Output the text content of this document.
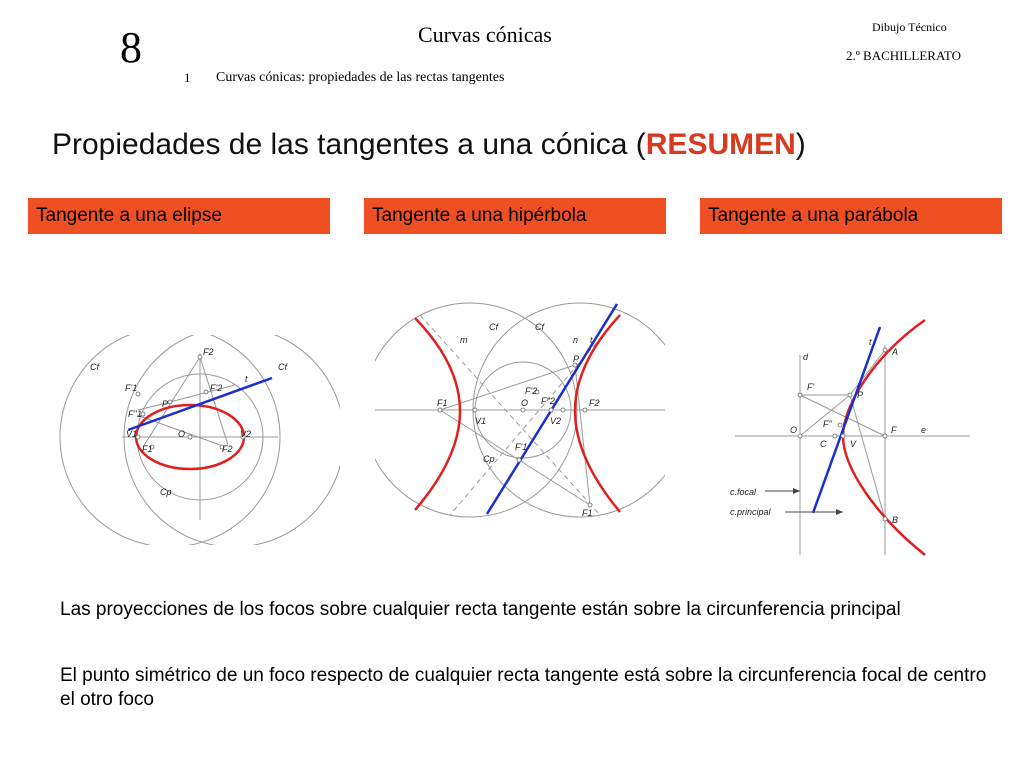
8	Curvas cónicas
1 Curvas cónicas: propiedades de las rectas tangentes
Dibujo Técnico
2.º BACHILLERATO
Propiedades de las tangentes a una cónica (RESUMEN)
Tangente a una elipse	Tangente a una hipérbola	Tangente a una parábola
Cf	Cf
F2
F'1	F'2
F''1
P
t
V1	O	V2
F1	F2
Cp
Cf	Cf
m	n t
P
F'2
F1	O F''2	F2
V1	V2
F'1
Cp
F1
t
A
d
F'
P
O
F''
F	e
C	V
c.focal
c.principal
B
Las proyecciones de los focos sobre cualquier recta tangente están sobre la circunferencia principal
El punto simétrico de un foco respecto de cualquier recta tangente está sobre la circunferencia focal de centro el otro foco
